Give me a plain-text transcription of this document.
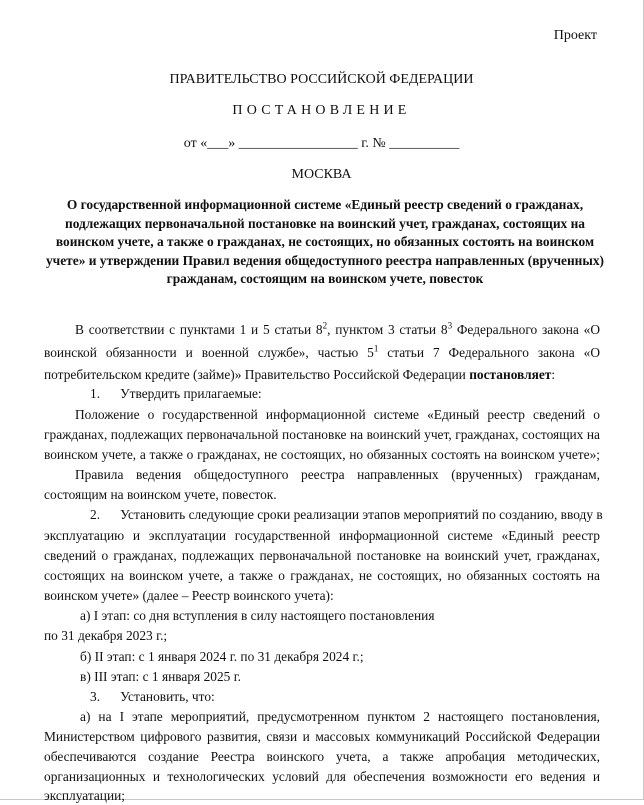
Проект
ПРАВИТЕЛЬСТВО РОССИЙСКОЙ ФЕДЕРАЦИИ
ПОСТАНОВЛЕНИЕ
от «___» _________________ г. № __________
МОСКВА
О государственной информационной системе «Единый реестр сведений о гражданах,
подлежащих первоначальной постановке на воинский учет, гражданах, состоящих на
воинском учете, а также о гражданах, не состоящих, но обязанных состоять на воинском
учете» и утверждении Правил ведения общедоступного реестра направленных (врученных)
гражданам, состоящим на воинском учете, повесток
В соответствии с пунктами 1 и 5 статьи $8^2$, пунктом 3 статьи $8^3$ Федерального закона «О
воинской обязанности и военной службе», частью $5^1$ статьи 7 Федерального закона «О
потребительском кредите (займе)» Правительство Российской Федерации постановляет:
1. Утвердить прилагаемые:
Положение о государственной информационной системе «Единый реестр сведений о
гражданах, подлежащих первоначальной постановке на воинский учет, гражданах, состоящих на
воинском учете, а также о гражданах, не состоящих, но обязанных состоять на воинском учете»;
Правила ведения общедоступного реестра направленных (врученных) гражданам,
состоящим на воинском учете, повесток.
2. Установить следующие сроки реализации этапов мероприятий по созданию, вводу в
эксплуатацию и эксплуатации государственной информационной системе «Единый реестр
сведений о гражданах, подлежащих первоначальной постановке на воинский учет, гражданах,
состоящих на воинском учете, а также о гражданах, не состоящих, но обязанных состоять на
воинском учете» (далее – Реестр воинского учета):
а) I этап: со дня вступления в силу настоящего постановления
по 31 декабря 2023 г.;
б) II этап: с 1 января 2024 г. по 31 декабря 2024 г.;
в) III этап: с 1 января 2025 г.
3. Установить, что:
а) на I этапе мероприятий, предусмотренном пунктом 2 настоящего постановления,
Министерством цифрового развития, связи и массовых коммуникаций Российской Федерации
обеспечиваются создание Реестра воинского учета, а также апробация методических,
организационных и технологических условий для обеспечения возможности его ведения и
эксплуатации;
